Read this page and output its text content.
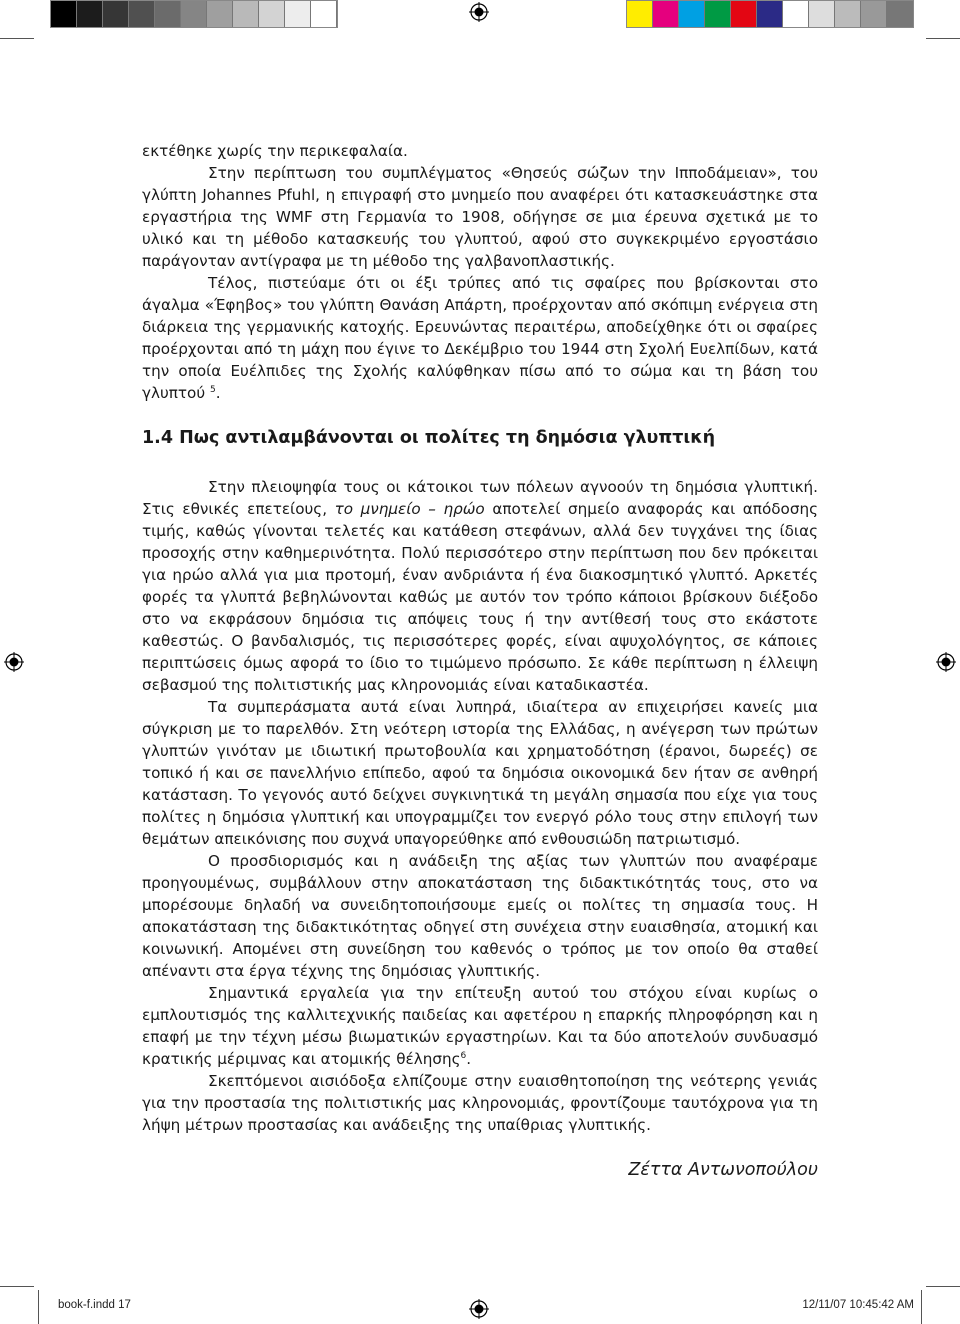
εκτέθηκε χωρίς την περικεφαλαία.

Στην περίπτωση του συμπλέγματος «Θησεύς σώζων την Ιπποδάμειαν», του γλύπτη Johannes Pfuhl, η επιγραφή στο μνημείο που αναφέρει ότι κατασκευάστηκε στα εργαστήρια της WMF στη Γερμανία το 1908, οδήγησε σε μια έρευνα σχετικά με το υλικό και τη μέθοδο κατασκευής του γλυπτού, αφού στο συγκεκριμένο εργοστάσιο παράγονταν αντίγραφα με τη μέθοδο της γαλβανοπλαστικής.

Τέλος, πιστεύαμε ότι οι έξι τρύπες από τις σφαίρες που βρίσκονται στο άγαλμα «Έφηβος» του γλύπτη Θανάση Απάρτη, προέρχονταν από σκόπιμη ενέργεια στη διάρκεια της γερμανικής κατοχής. Ερευνώντας περαιτέρω, αποδείχθηκε ότι οι σφαίρες προέρχονται από τη μάχη που έγινε το Δεκέμβριο του 1944 στη Σχολή Ευελπίδων, κατά την οποία Ευέλπιδες της Σχολής καλύφθηκαν πίσω από το σώμα και τη βάση του γλυπτού $^5$.

1.4 Πως αντιλαμβάνονται οι πολίτες τη δημόσια γλυπτική

Στην πλειοψηφία τους οι κάτοικοι των πόλεων αγνοούν τη δημόσια γλυπτική. Στις εθνικές επετείους, το μνημείο – ηρώο αποτελεί σημείο αναφοράς και απόδοσης τιμής, καθώς γίνονται τελετές και κατάθεση στεφάνων, αλλά δεν τυγχάνει της ίδιας προσοχής στην καθημερινότητα. Πολύ περισσότερο στην περίπτωση που δεν πρόκειται για ηρώο αλλά για μια προτομή, έναν ανδριάντα ή ένα διακοσμητικό γλυπτό. Αρκετές φορές τα γλυπτά βεβηλώνονται καθώς με αυτόν τον τρόπο κάποιοι βρίσκουν διέξοδο στο να εκφράσουν δημόσια τις απόψεις τους ή την αντίθεσή τους στο εκάστοτε καθεστώς. Ο βανδαλισμός, τις περισσότερες φορές, είναι αψυχολόγητος, σε κάποιες περιπτώσεις όμως αφορά το ίδιο το τιμώμενο πρόσωπο. Σε κάθε περίπτωση η έλλειψη σεβασμού της πολιτιστικής μας κληρονομιάς είναι καταδικαστέα.

Τα συμπεράσματα αυτά είναι λυπηρά, ιδιαίτερα αν επιχειρήσει κανείς μια σύγκριση με το παρελθόν. Στη νεότερη ιστορία της Ελλάδας, η ανέγερση των πρώτων γλυπτών γινόταν με ιδιωτική πρωτοβουλία και χρηματοδότηση (έρανοι, δωρεές) σε τοπικό ή και σε πανελλήνιο επίπεδο, αφού τα δημόσια οικονομικά δεν ήταν σε ανθηρή κατάσταση. Το γεγονός αυτό δείχνει συγκινητικά τη μεγάλη σημασία που είχε για τους πολίτες η δημόσια γλυπτική και υπογραμμίζει τον ενεργό ρόλο τους στην επιλογή των θεμάτων απεικόνισης που συχνά υπαγορεύθηκε από ενθουσιώδη πατριωτισμό.

Ο προσδιορισμός και η ανάδειξη της αξίας των γλυπτών που αναφέραμε προηγουμένως, συμβάλλουν στην αποκατάσταση της διδακτικότητάς τους, στο να μπορέσουμε δηλαδή να συνειδητοποιήσουμε εμείς οι πολίτες τη σημασία τους. Η αποκατάσταση της διδακτικότητας οδηγεί στη συνέχεια στην ευαισθησία, ατομική και κοινωνική. Απομένει στη συνείδηση του καθενός ο τρόπος με τον οποίο θα σταθεί απέναντι στα έργα τέχνης της δημόσιας γλυπτικής.

Σημαντικά εργαλεία για την επίτευξη αυτού του στόχου είναι κυρίως ο εμπλουτισμός της καλλιτεχνικής παιδείας και αφετέρου η επαρκής πληροφόρηση και η επαφή με την τέχνη μέσω βιωματικών εργαστηρίων. Και τα δύο αποτελούν συνδυασμό κρατικής μέριμνας και ατομικής θέλησης$^6$.

Σκεπτόμενοι αισιόδοξα ελπίζουμε στην ευαισθητοποίηση της νεότερης γενιάς για την προστασία της πολιτιστικής μας κληρονομιάς, φροντίζουμε ταυτόχρονα για τη λήψη μέτρων προστασίας και ανάδειξης της υπαίθριας γλυπτικής.

Ζέττα Αντωνοπούλου
book-f.indd 17	12/11/07 10:45:42 AM
